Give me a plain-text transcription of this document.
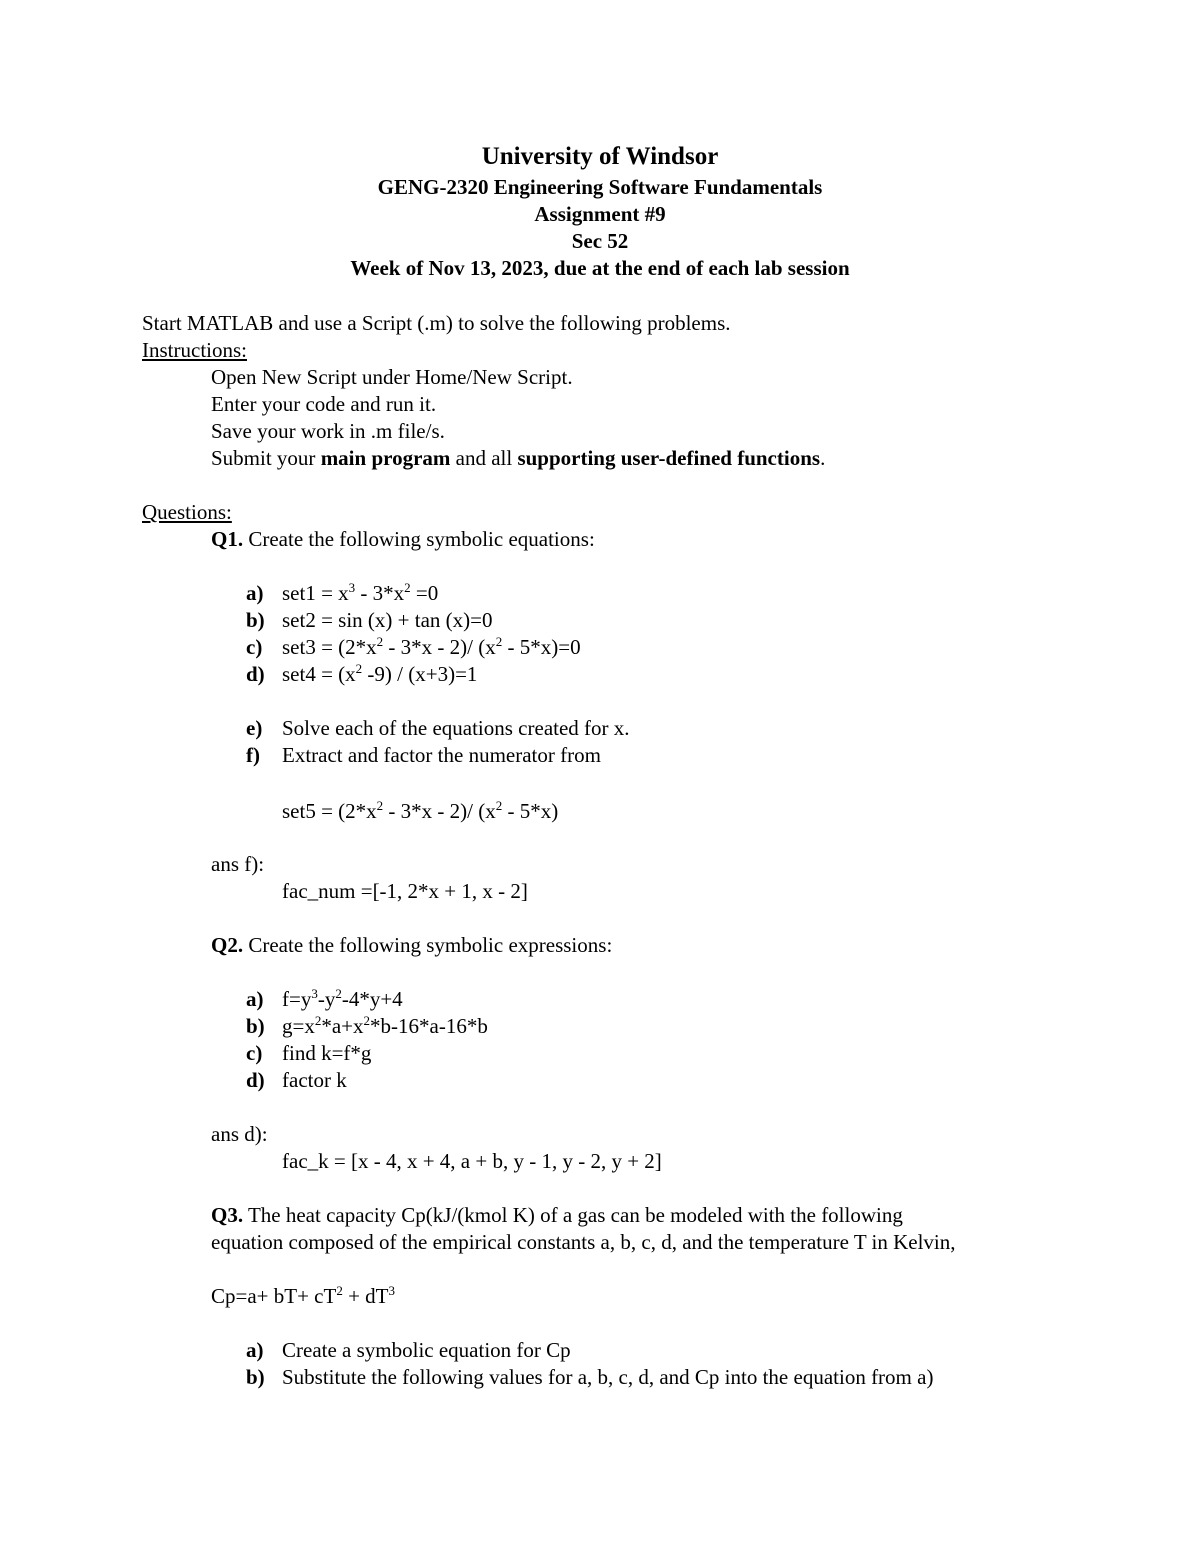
University of Windsor
GENG-2320 Engineering Software Fundamentals
Assignment #9
Sec 52
Week of Nov 13, 2023, due at the end of each lab session
Start MATLAB and use a Script (.m) to solve the following problems.
Instructions:
Open New Script under Home/New Script.
Enter your code and run it.
Save your work in .m file/s.
Submit your main program and all supporting user-defined functions.
Questions:
Q1. Create the following symbolic equations:
a) $set1 = x^3 - 3*x^2 =0$
b) set2 = sin (x) + tan (x)=0
c) $set3 = (2*x^2 - 3*x - 2)/$ $(x^2 - 5*x)=0$
d) $set4 = (x^2$ -9) / (x+3)=1
e) Solve each of the equations created for x.
f) Extract and factor the numerator from
$set5 = (2*x^2 - 3*x - 2)/$ $(x^2 - 5*x)$
ans f):
fac_num =[-1, 2*x + 1, x - 2]
Q2. Create the following symbolic expressions:
a) $f=y^3-y^2-4*y+4$
b) $g=x^2*a+x^2*b-16*a-16*b$
c) find k=f*g
d) factor k
ans d):
fac_k = [x - 4, x + 4, a + b, y - 1, y - 2, y + 2]
Q3. The heat capacity Cp(kJ/(kmol K) of a gas can be modeled with the following
equation composed of the empirical constants a, b, c, d, and the temperature T in Kelvin,
$Cp=a+ bT+ cT^2 + dT^3$
a) Create a symbolic equation for Cp
b) Substitute the following values for a, b, c, d, and Cp into the equation from a)
